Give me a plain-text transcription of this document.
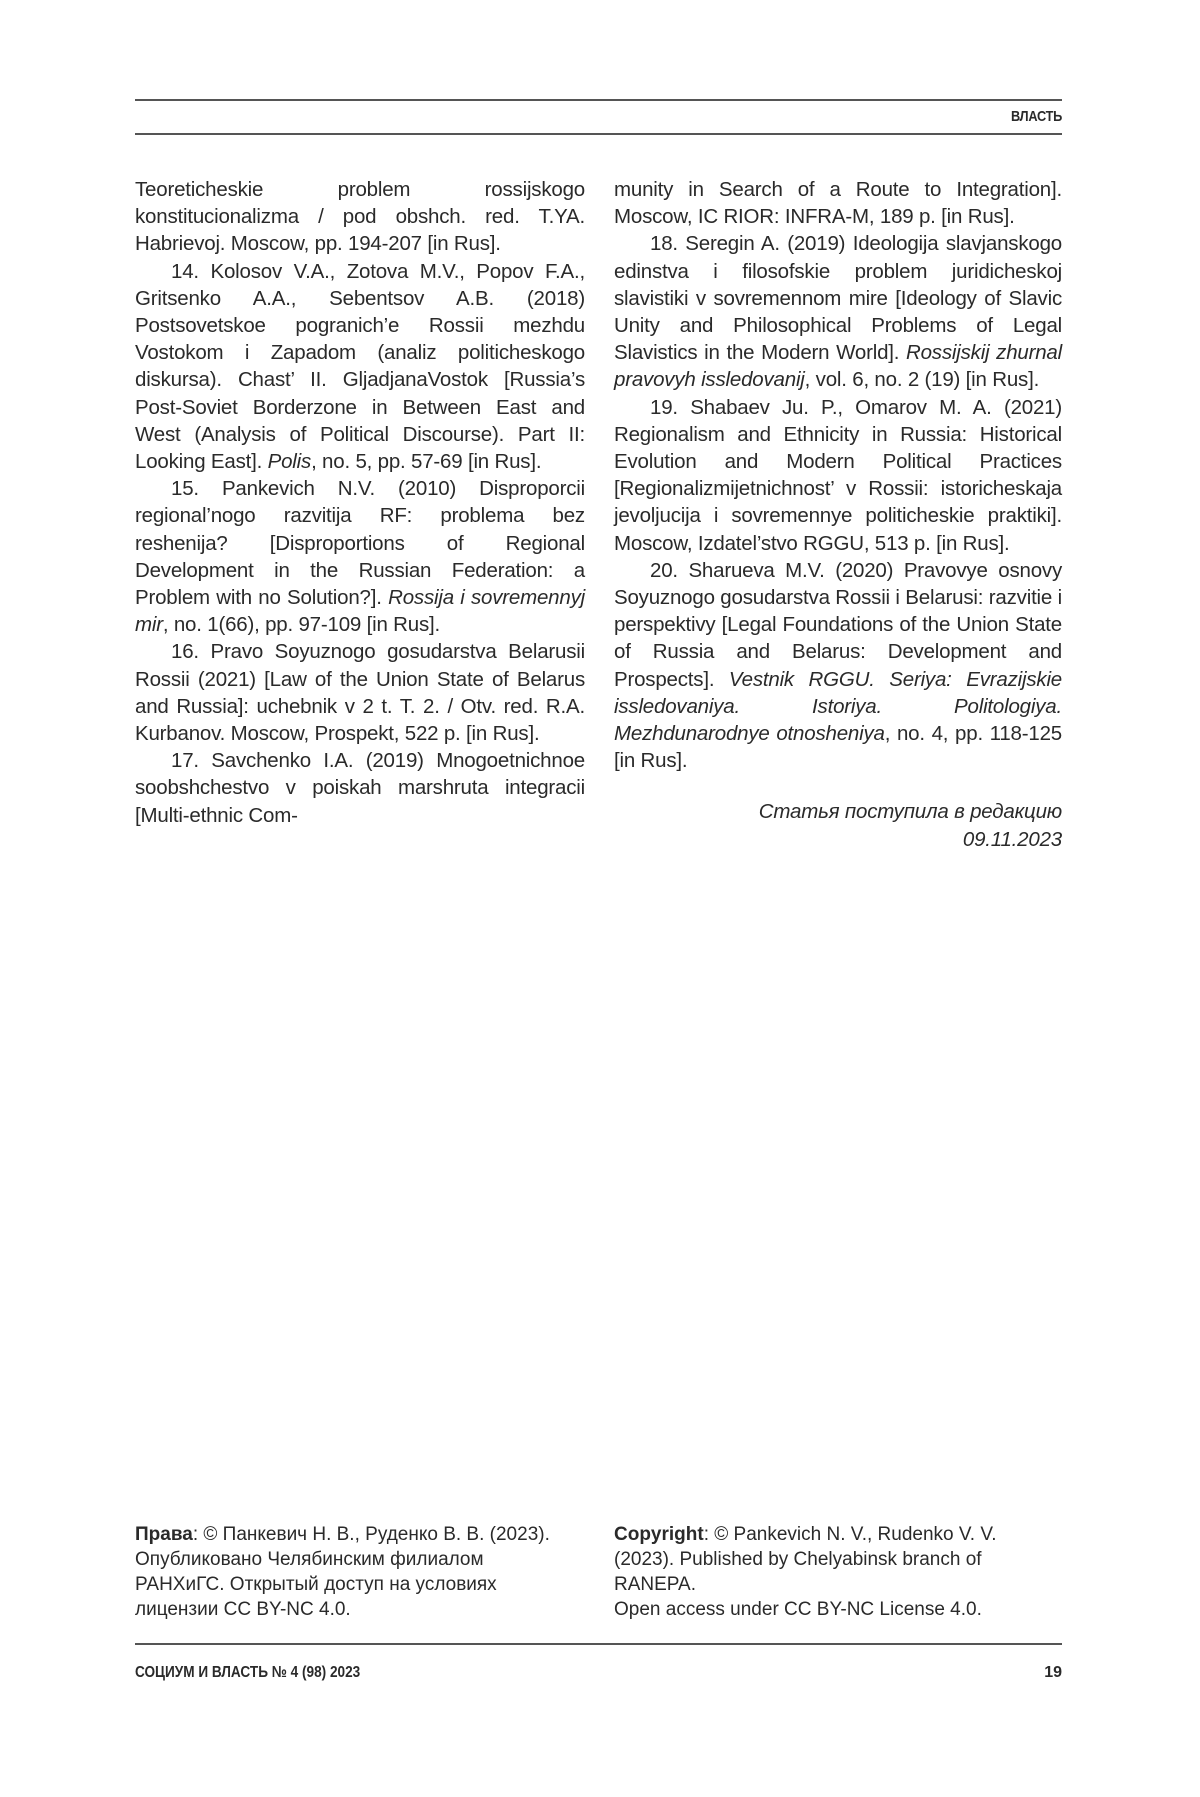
ВЛАСТЬ

Teoreticheskie problem rossijskogo konstitucionalizma / pod obshch. red. T.YA. Habrievoj. Moscow, pp. 194-207 [in Rus].

14. Kolosov V.A., Zotova M.V., Popov F.A., Gritsenko A.A., Sebentsov A.B. (2018) Postsovetskoe pogranich’e Rossii mezhdu Vostokom i Zapadom (analiz politicheskogo diskursa). Chast’ II. GljadjanaVostok [Russia’s Post-Soviet Borderzone in Between East and West (Analysis of Political Discourse). Part II: Looking East]. Polis, no. 5, pp. 57-69 [in Rus].

15. Pankevich N.V. (2010) Disproporcii regional’nogo razvitija RF: problema bez reshenija? [Disproportions of Regional Development in the Russian Federation: a Problem with no Solution?]. Rossija i sovremennyj mir, no. 1(66), pp. 97-109 [in Rus].

16. Pravo Soyuznogo gosudarstva Belarusii Rossii (2021) [Law of the Union State of Belarus and Russia]: uchebnik v 2 t. T. 2. / Otv. red. R.A. Kurbanov. Moscow, Prospekt, 522 p. [in Rus].

17. Savchenko I.A. (2019) Mnogoetnichnoe soobshchestvo v poiskah marshruta integracii [Multi-ethnic Com-

munity in Search of a Route to Integration]. Moscow, IC RIOR: INFRA-M, 189 p. [in Rus].

18. Seregin A. (2019) Ideologija slavjanskogo edinstva i filosofskie problem juridicheskoj slavistiki v sovremennom mire [Ideology of Slavic Unity and Philosophical Problems of Legal Slavistics in the Modern World]. Rossijskij zhurnal pravovyh issledovanij, vol. 6, no. 2 (19) [in Rus].

19. Shabaev Ju. P., Omarov M. A. (2021) Regionalism and Ethnicity in Russia: Historical Evolution and Modern Political Practices [Regionalizmijetnichnost’ v Rossii: istoricheskaja jevoljucija i sovremennye politicheskie praktiki]. Moscow, Izdatel’stvo RGGU, 513 p. [in Rus].

20. Sharueva M.V. (2020) Pravovye osnovy Soyuznogo gosudarstva Rossii i Belarusi: razvitie i perspektivy [Legal Foundations of the Union State of Russia and Belarus: Development and Prospects]. Vestnik RGGU. Seriya: Evrazijskie issledovaniya. Istoriya. Politologiya. Mezhdunarodnye otnosheniya, no. 4, pp. 118-125 [in Rus].

Статья поступила в редакцию
09.11.2023
Права: © Панкевич Н. В., Руденко В. В. (2023). Опубликовано Челябинским филиалом РАНХиГС. Открытый доступ на условиях лицензии CC BY-NC 4.0.
Copyright: © Pankevich N. V., Rudenko V. V. (2023). Published by Chelyabinsk branch of RANEPA.
Open access under CC BY-NC License 4.0.
СОЦИУМ И ВЛАСТЬ № 4 (98) 2023	19
